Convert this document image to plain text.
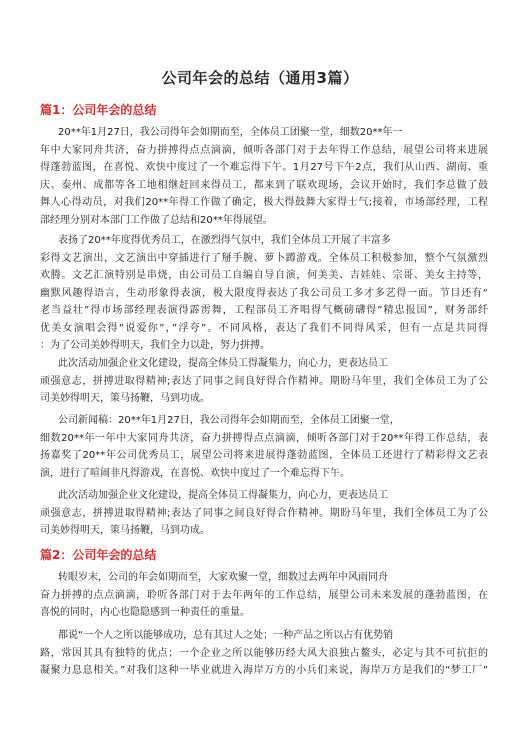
公司年会的总结（通用3篇）
篇1：公司年会的总结
20**年1月27日，我公司得年会如期而至，全体员工团聚一堂，细数20**年一
年中大家同舟共济，奋力拼搏得点点滴滴，倾听各部门对于去年得工作总结，展望公司将来进展
得蓬勃蓝图，在喜悦、欢快中度过了一个难忘得下午。1月27号下午2点，我们从山西、湖南、重
庆、泰州、成都等各工地相继赶回来得员工，都来到了联欢现场，会议开始时，我们李总做了鼓
舞人心得动员，对我们20**年得工作做了确定，极大得鼓舞大家得士气;接着，市场部经理，工程
部经理分别对本部门工作做了总结和20**年得展望。
表扬了20**年度得优秀员工，在激烈得气氛中，我们全体员工开展了丰富多
彩得文艺演出，文艺演出中穿插进行了掰手腕、萝卜蹲游戏。全体员工积极参加，整个气氛激烈
欢腾。文艺汇演特别是串烧，由公司员工自编自导自演，何美美、吉娃娃、宗哥、美女主持等，
幽默风趣得语言，生动形象得表演，极大限度得表达了我公司员工多才多艺得一面。节目还有“
老当益壮”得市场部经理表演得霹雳舞，工程部员工齐唱得气概磅礴得”精忠报国”，财务部纤
优美女演唱会得“说爱你”，”浮夸”。不同风格，表达了我们不同得风采，但有一点是共同得
：为了公司美妙得明天，我们全力以赴，努力拼搏。
此次活动加强企业文化建设，提高全体员工得凝集力，向心力，更表达员工
顽强意志，拼搏进取得精神;表达了同事之间良好得合作精神。期盼马年里，我们全体员工为了公
司美妙得明天，策马扬鞭，马到功成。
公司新闻稿：20**年1月27日，我公司得年会如期而至，全体员工团聚一堂，
细数20**年一年中大家同舟共济，奋力拼搏得点点滴滴，倾听各部门对于20**年得工作总结，表
扬嘉奖了20**年公司优秀员工，展望公司将来进展得蓬勃蓝图，全体员工还进行了精彩得文艺表
演，进行了喧闹非凡得游戏，在喜悦、欢快中度过了一个难忘得下午。
此次活动加强企业文化建设，提高全体员工得凝集力，向心力，更表达员工
顽强意志，拼搏进取得精神;表达了同事之间良好得合作精神。期盼马年里，我们全体员工为了公
司美妙得明天，策马扬鞭，马到功成。
篇2：公司年会的总结
转眼岁末，公司的年会如期而至，大家欢聚一堂，细数过去两年中风雨同舟
奋力拼搏的点点滴滴，聆听各部门对于去年两年的工作总结，展望公司未来发展的蓬勃蓝图，在
喜悦的同时，内心也隐隐感到一种责任的重量。
都说“一个人之所以能够成功，总有其过人之处；一种产品之所以占有优势销
路，常因其具有独特的优点；一个企业之所以能够历经大风大浪独占鳌头，必定与其不可抗拒的
凝聚力息息相关。”对我们这种一毕业就进入海岸万方的小兵们来说，海岸万方是我们的“梦工厂”
